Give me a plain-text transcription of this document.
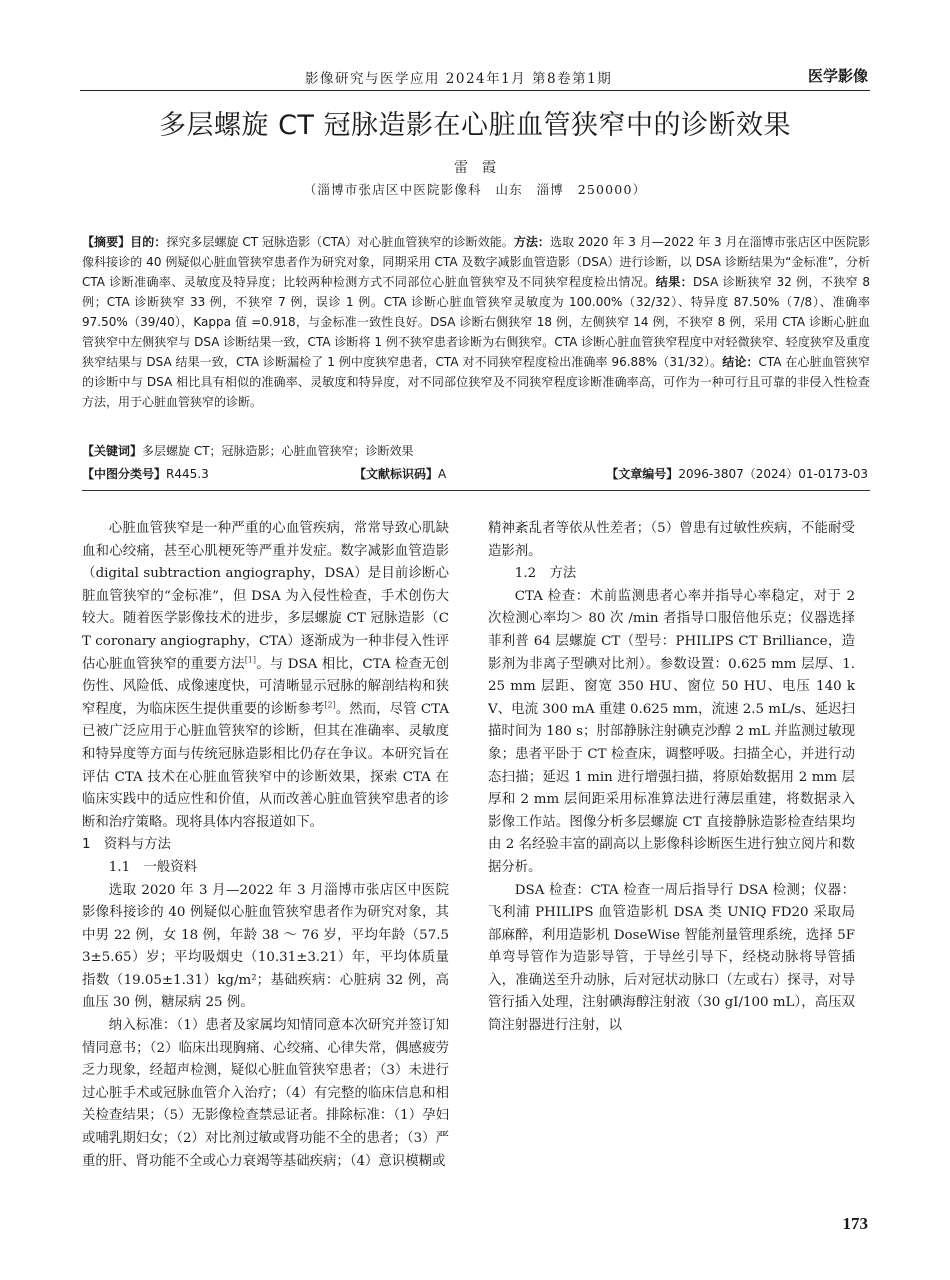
影像研究与医学应用 2024年1月 第8卷第1期	医学影像
多层螺旋 CT 冠脉造影在心脏血管狭窄中的诊断效果
雷霞
（淄博市张店区中医院影像科　山东　淄博　250000）
【摘要】目的：探究多层螺旋 CT 冠脉造影（CTA）对心脏血管狭窄的诊断效能。方法：选取 2020 年 3 月—2022 年 3 月在淄博市张店区中医院影像科接诊的 40 例疑似心脏血管狭窄患者作为研究对象，同期采用 CTA 及数字减影血管造影（DSA）进行诊断，以 DSA 诊断结果为“金标准”，分析 CTA 诊断准确率、灵敏度及特异度；比较两种检测方式不同部位心脏血管狭窄及不同狭窄程度检出情况。结果：DSA 诊断狭窄 32 例，不狭窄 8 例；CTA 诊断狭窄 33 例，不狭窄 7 例，误诊 1 例。CTA 诊断心脏血管狭窄灵敏度为 100.00%（32/32）、特异度 87.50%（7/8）、准确率 97.50%（39/40），Kappa 值 =0.918，与金标准一致性良好。DSA 诊断右侧狭窄 18 例，左侧狭窄 14 例，不狭窄 8 例，采用 CTA 诊断心脏血管狭窄中左侧狭窄与 DSA 诊断结果一致，CTA 诊断将 1 例不狭窄患者诊断为右侧狭窄。CTA 诊断心脏血管狭窄程度中对轻微狭窄、轻度狭窄及重度狭窄结果与 DSA 结果一致，CTA 诊断漏检了 1 例中度狭窄患者，CTA 对不同狭窄程度检出准确率 96.88%（31/32）。结论：CTA 在心脏血管狭窄的诊断中与 DSA 相比具有相似的准确率、灵敏度和特异度，对不同部位狭窄及不同狭窄程度诊断准确率高，可作为一种可行且可靠的非侵入性检查方法，用于心脏血管狭窄的诊断。
【关键词】多层螺旋 CT；冠脉造影；心脏血管狭窄；诊断效果
【中图分类号】R445.3	【文献标识码】A	【文章编号】2096-3807（2024）01-0173-03

心脏血管狭窄是一种严重的心血管疾病，常常导致心肌缺血和心绞痛，甚至心肌梗死等严重并发症。数字减影血管造影（digital subtraction angiography，DSA）是目前诊断心脏血管狭窄的“金标准”，但 DSA 为入侵性检查，手术创伤大较大。随着医学影像技术的进步，多层螺旋 CT 冠脉造影（CT coronary angiography，CTA）逐渐成为一种非侵入性评估心脏血管狭窄的重要方法[1]。与 DSA 相比，CTA 检查无创伤性、风险低、成像速度快，可清晰显示冠脉的解剖结构和狭窄程度，为临床医生提供重要的诊断参考[2]。然而，尽管 CTA 已被广泛应用于心脏血管狭窄的诊断，但其在准确率、灵敏度和特异度等方面与传统冠脉造影相比仍存在争议。本研究旨在评估 CTA 技术在心脏血管狭窄中的诊断效果，探索 CTA 在临床实践中的适应性和价值，从而改善心脏血管狭窄患者的诊断和治疗策略。现将具体内容报道如下。

1　资料与方法

1.1　一般资料

选取 2020 年 3 月—2022 年 3 月淄博市张店区中医院影像科接诊的 40 例疑似心脏血管狭窄患者作为研究对象，其中男 22 例，女 18 例，年龄 38 ～ 76 岁，平均年龄（57.53±5.65）岁；平均吸烟史（10.31±3.21）年，平均体质量指数（19.05±1.31）kg/m²；基础疾病：心脏病 32 例，高血压 30 例，糖尿病 25 例。

纳入标准：（1）患者及家属均知情同意本次研究并签订知情同意书；（2）临床出现胸痛、心绞痛、心律失常，偶感疲劳乏力现象，经超声检测，疑似心脏血管狭窄患者；（3）未进行过心脏手术或冠脉血管介入治疗；（4）有完整的临床信息和相关检查结果；（5）无影像检查禁忌证者。排除标准：（1）孕妇或哺乳期妇女；（2）对比剂过敏或肾功能不全的患者；（3）严重的肝、肾功能不全或心力衰竭等基础疾病；（4）意识模糊或

精神紊乱者等依从性差者；（5）曾患有过敏性疾病，不能耐受造影剂。

1.2　方法

CTA 检查：术前监测患者心率并指导心率稳定，对于 2 次检测心率均＞ 80 次 /min 者指导口服倍他乐克；仪器选择菲利普 64 层螺旋 CT（型号：PHILIPS CT Brilliance，造影剂为非离子型碘对比剂）。参数设置：0.625 mm 层厚、1.25 mm 层距、窗宽 350 HU、窗位 50 HU、电压 140 kV、电流 300 mA 重建 0.625 mm，流速 2.5 mL/s、延迟扫描时间为 180 s；肘部静脉注射碘克沙醇 2 mL 并监测过敏现象；患者平卧于 CT 检查床，调整呼吸。扫描全心，并进行动态扫描；延迟 1 min 进行增强扫描，将原始数据用 2 mm 层厚和 2 mm 层间距采用标准算法进行薄层重建，将数据录入影像工作站。图像分析多层螺旋 CT 直接静脉造影检查结果均由 2 名经验丰富的副高以上影像科诊断医生进行独立阅片和数据分析。

DSA 检查：CTA 检查一周后指导行 DSA 检测；仪器：飞利浦 PHILIPS 血管造影机 DSA 类 UNIQ FD20 采取局部麻醉，利用造影机 DoseWise 智能剂量管理系统，选择 5F 单弯导管作为造影导管，于导丝引导下，经桡动脉将导管插入，准确送至升动脉，后对冠状动脉口（左或右）探寻，对导管行插入处理，注射碘海醇注射液（30 gI/100 mL），高压双筒注射器进行注射，以

173
